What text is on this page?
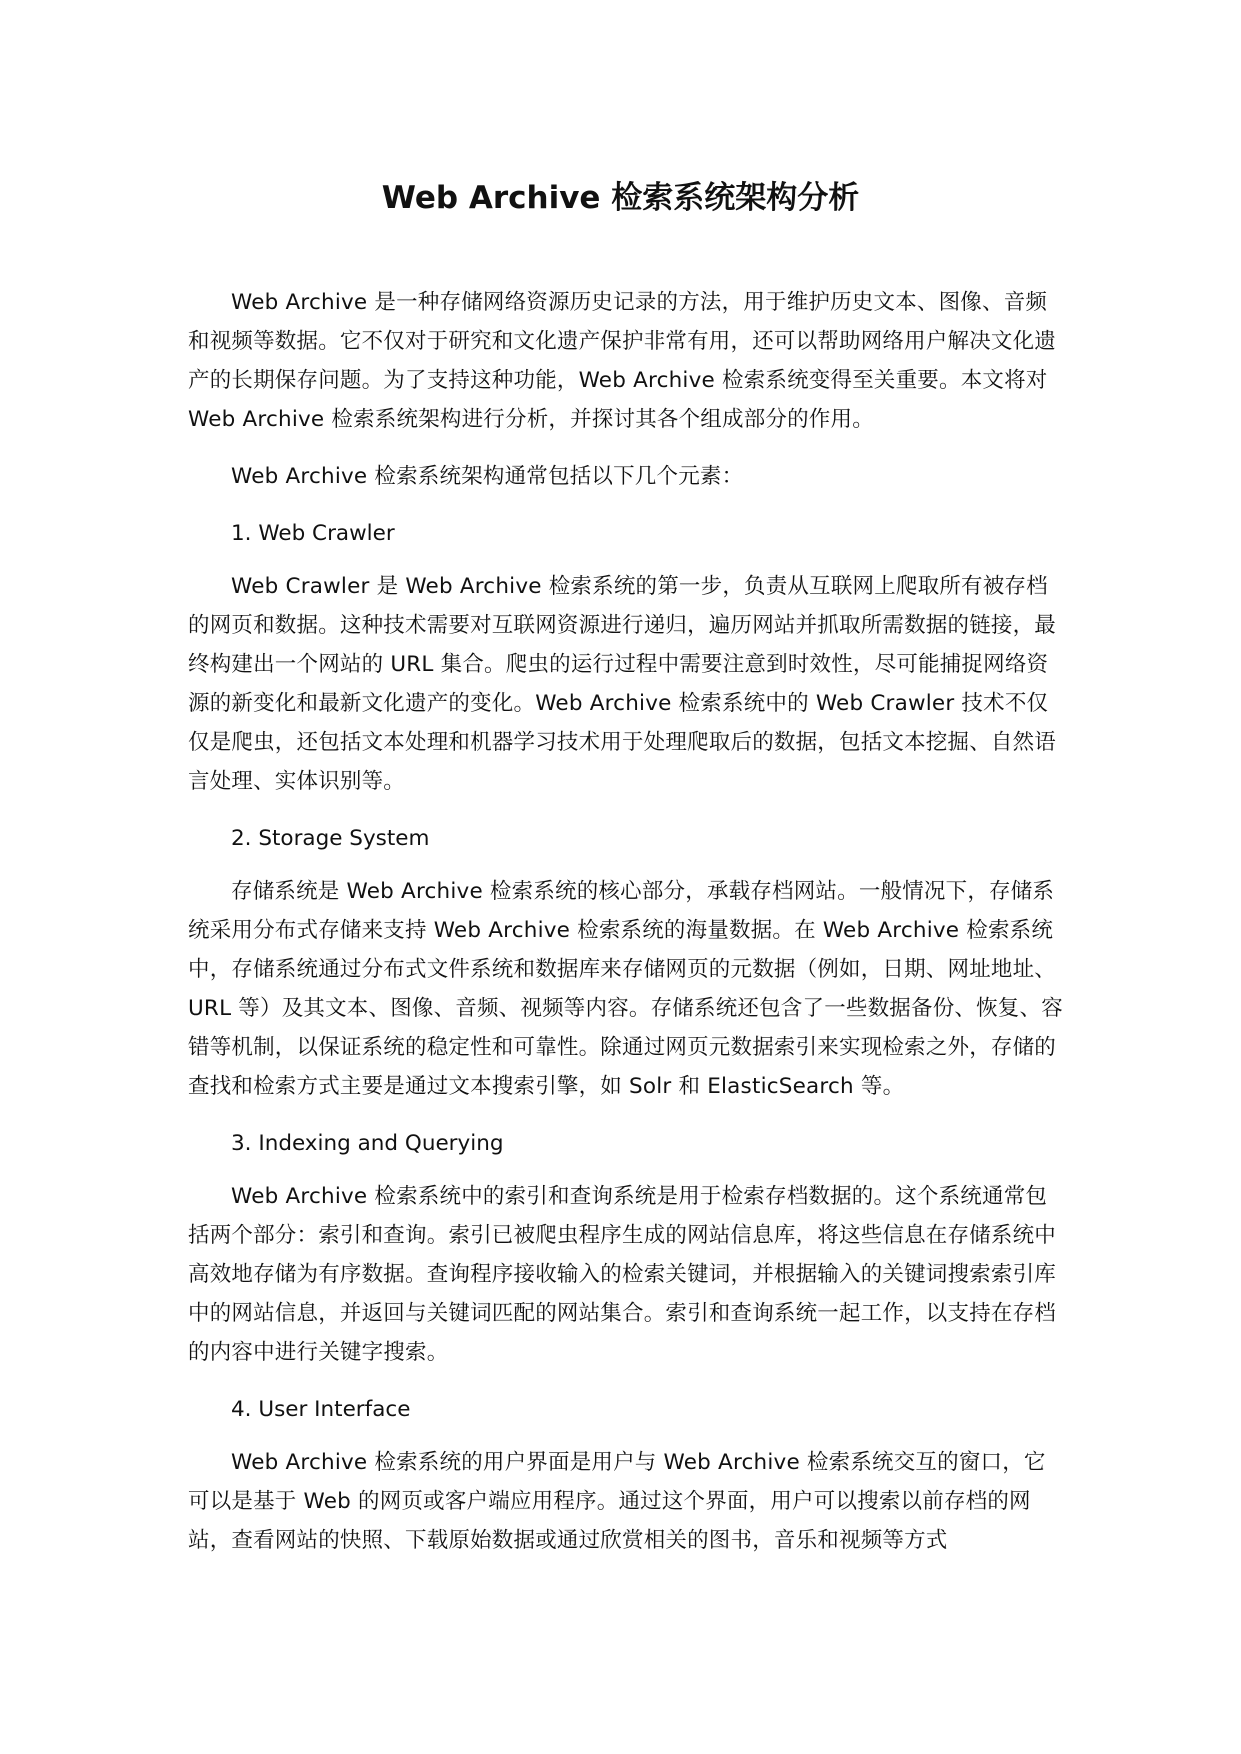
Web Archive 检索系统架构分析

Web Archive 是一种存储网络资源历史记录的方法，用于维护历史文本、图像、音频和视频等数据。它不仅对于研究和文化遗产保护非常有用，还可以帮助网络用户解决文化遗产的长期保存问题。为了支持这种功能，Web Archive 检索系统变得至关重要。本文将对 Web Archive 检索系统架构进行分析，并探讨其各个组成部分的作用。

Web Archive 检索系统架构通常包括以下几个元素：

1. Web Crawler

Web Crawler 是 Web Archive 检索系统的第一步，负责从互联网上爬取所有被存档的网页和数据。这种技术需要对互联网资源进行递归，遍历网站并抓取所需数据的链接，最终构建出一个网站的 URL 集合。爬虫的运行过程中需要注意到时效性，尽可能捕捉网络资源的新变化和最新文化遗产的变化。Web Archive 检索系统中的 Web Crawler 技术不仅仅是爬虫，还包括文本处理和机器学习技术用于处理爬取后的数据，包括文本挖掘、自然语言处理、实体识别等。

2. Storage System

存储系统是 Web Archive 检索系统的核心部分，承载存档网站。一般情况下，存储系统采用分布式存储来支持 Web Archive 检索系统的海量数据。在 Web Archive 检索系统中，存储系统通过分布式文件系统和数据库来存储网页的元数据（例如，日期、网址地址、URL 等）及其文本、图像、音频、视频等内容。存储系统还包含了一些数据备份、恢复、容错等机制，以保证系统的稳定性和可靠性。除通过网页元数据索引来实现检索之外，存储的查找和检索方式主要是通过文本搜索引擎，如 Solr 和 ElasticSearch 等。

3. Indexing and Querying

Web Archive 检索系统中的索引和查询系统是用于检索存档数据的。这个系统通常包括两个部分：索引和查询。索引已被爬虫程序生成的网站信息库，将这些信息在存储系统中高效地存储为有序数据。查询程序接收输入的检索关键词，并根据输入的关键词搜索索引库中的网站信息，并返回与关键词匹配的网站集合。索引和查询系统一起工作，以支持在存档的内容中进行关键字搜索。

4. User Interface

Web Archive 检索系统的用户界面是用户与 Web Archive 检索系统交互的窗口，它可以是基于 Web 的网页或客户端应用程序。通过这个界面，用户可以搜索以前存档的网站，查看网站的快照、下载原始数据或通过欣赏相关的图书，音乐和视频等方式
